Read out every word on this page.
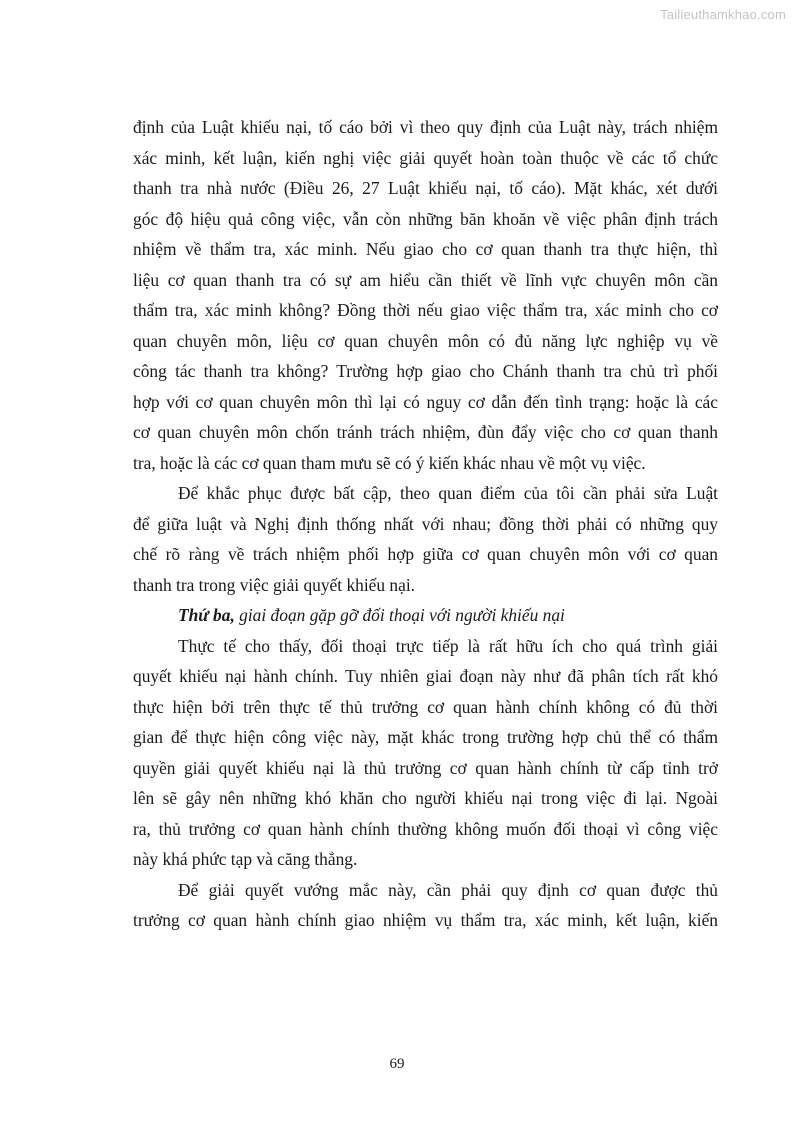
Tailieuthamkhao.com
định của Luật khiếu nại, tố cáo bởi vì theo quy định của Luật này, trách nhiệm
xác minh, kết luận, kiến nghị việc giải quyết hoàn toàn thuộc về các tổ chức
thanh tra nhà nước (Điều 26, 27 Luật khiếu nại, tố cáo). Mặt khác, xét dưới
góc độ hiệu quả công việc, vẫn còn những băn khoăn về việc phân định trách
nhiệm về thẩm tra, xác minh. Nếu giao cho cơ quan thanh tra thực hiện, thì
liệu cơ quan thanh tra có sự am hiểu cần thiết về lĩnh vực chuyên môn cần
thẩm tra, xác minh không? Đồng thời nếu giao việc thẩm tra, xác minh cho cơ
quan chuyên môn, liệu cơ quan chuyên môn có đủ năng lực nghiệp vụ về
công tác thanh tra không? Trường hợp giao cho Chánh thanh tra chủ trì phối
hợp với cơ quan chuyên môn thì lại có nguy cơ dẫn đến tình trạng: hoặc là các
cơ quan chuyên môn chốn tránh trách nhiệm, đùn đẩy việc cho cơ quan thanh
tra, hoặc là các cơ quan tham mưu sẽ có ý kiến khác nhau về một vụ việc.
Để khắc phục được bất cập, theo quan điểm của tôi cần phải sửa Luật
để giữa luật và Nghị định thống nhất với nhau; đồng thời phải có những quy
chế rõ ràng về trách nhiệm phối hợp giữa cơ quan chuyên môn với cơ quan
thanh tra trong việc giải quyết khiếu nại.
Thứ ba, giai đoạn gặp gỡ đối thoại với người khiếu nại
Thực tế cho thấy, đối thoại trực tiếp là rất hữu ích cho quá trình giải
quyết khiếu nại hành chính. Tuy nhiên giai đoạn này như đã phân tích rất khó
thực hiện bởi trên thực tế thủ trưởng cơ quan hành chính không có đủ thời
gian để thực hiện công việc này, mặt khác trong trường hợp chủ thể có thẩm
quyền giải quyết khiếu nại là thủ trưởng cơ quan hành chính từ cấp tỉnh trở
lên sẽ gây nên những khó khăn cho người khiếu nại trong việc đi lại. Ngoài
ra, thủ trưởng cơ quan hành chính thường không muốn đối thoại vì công việc
này khá phức tạp và căng thẳng.
Để giải quyết vướng mắc này, cần phải quy định cơ quan được thủ
trưởng cơ quan hành chính giao nhiệm vụ thẩm tra, xác minh, kết luận, kiến
69
